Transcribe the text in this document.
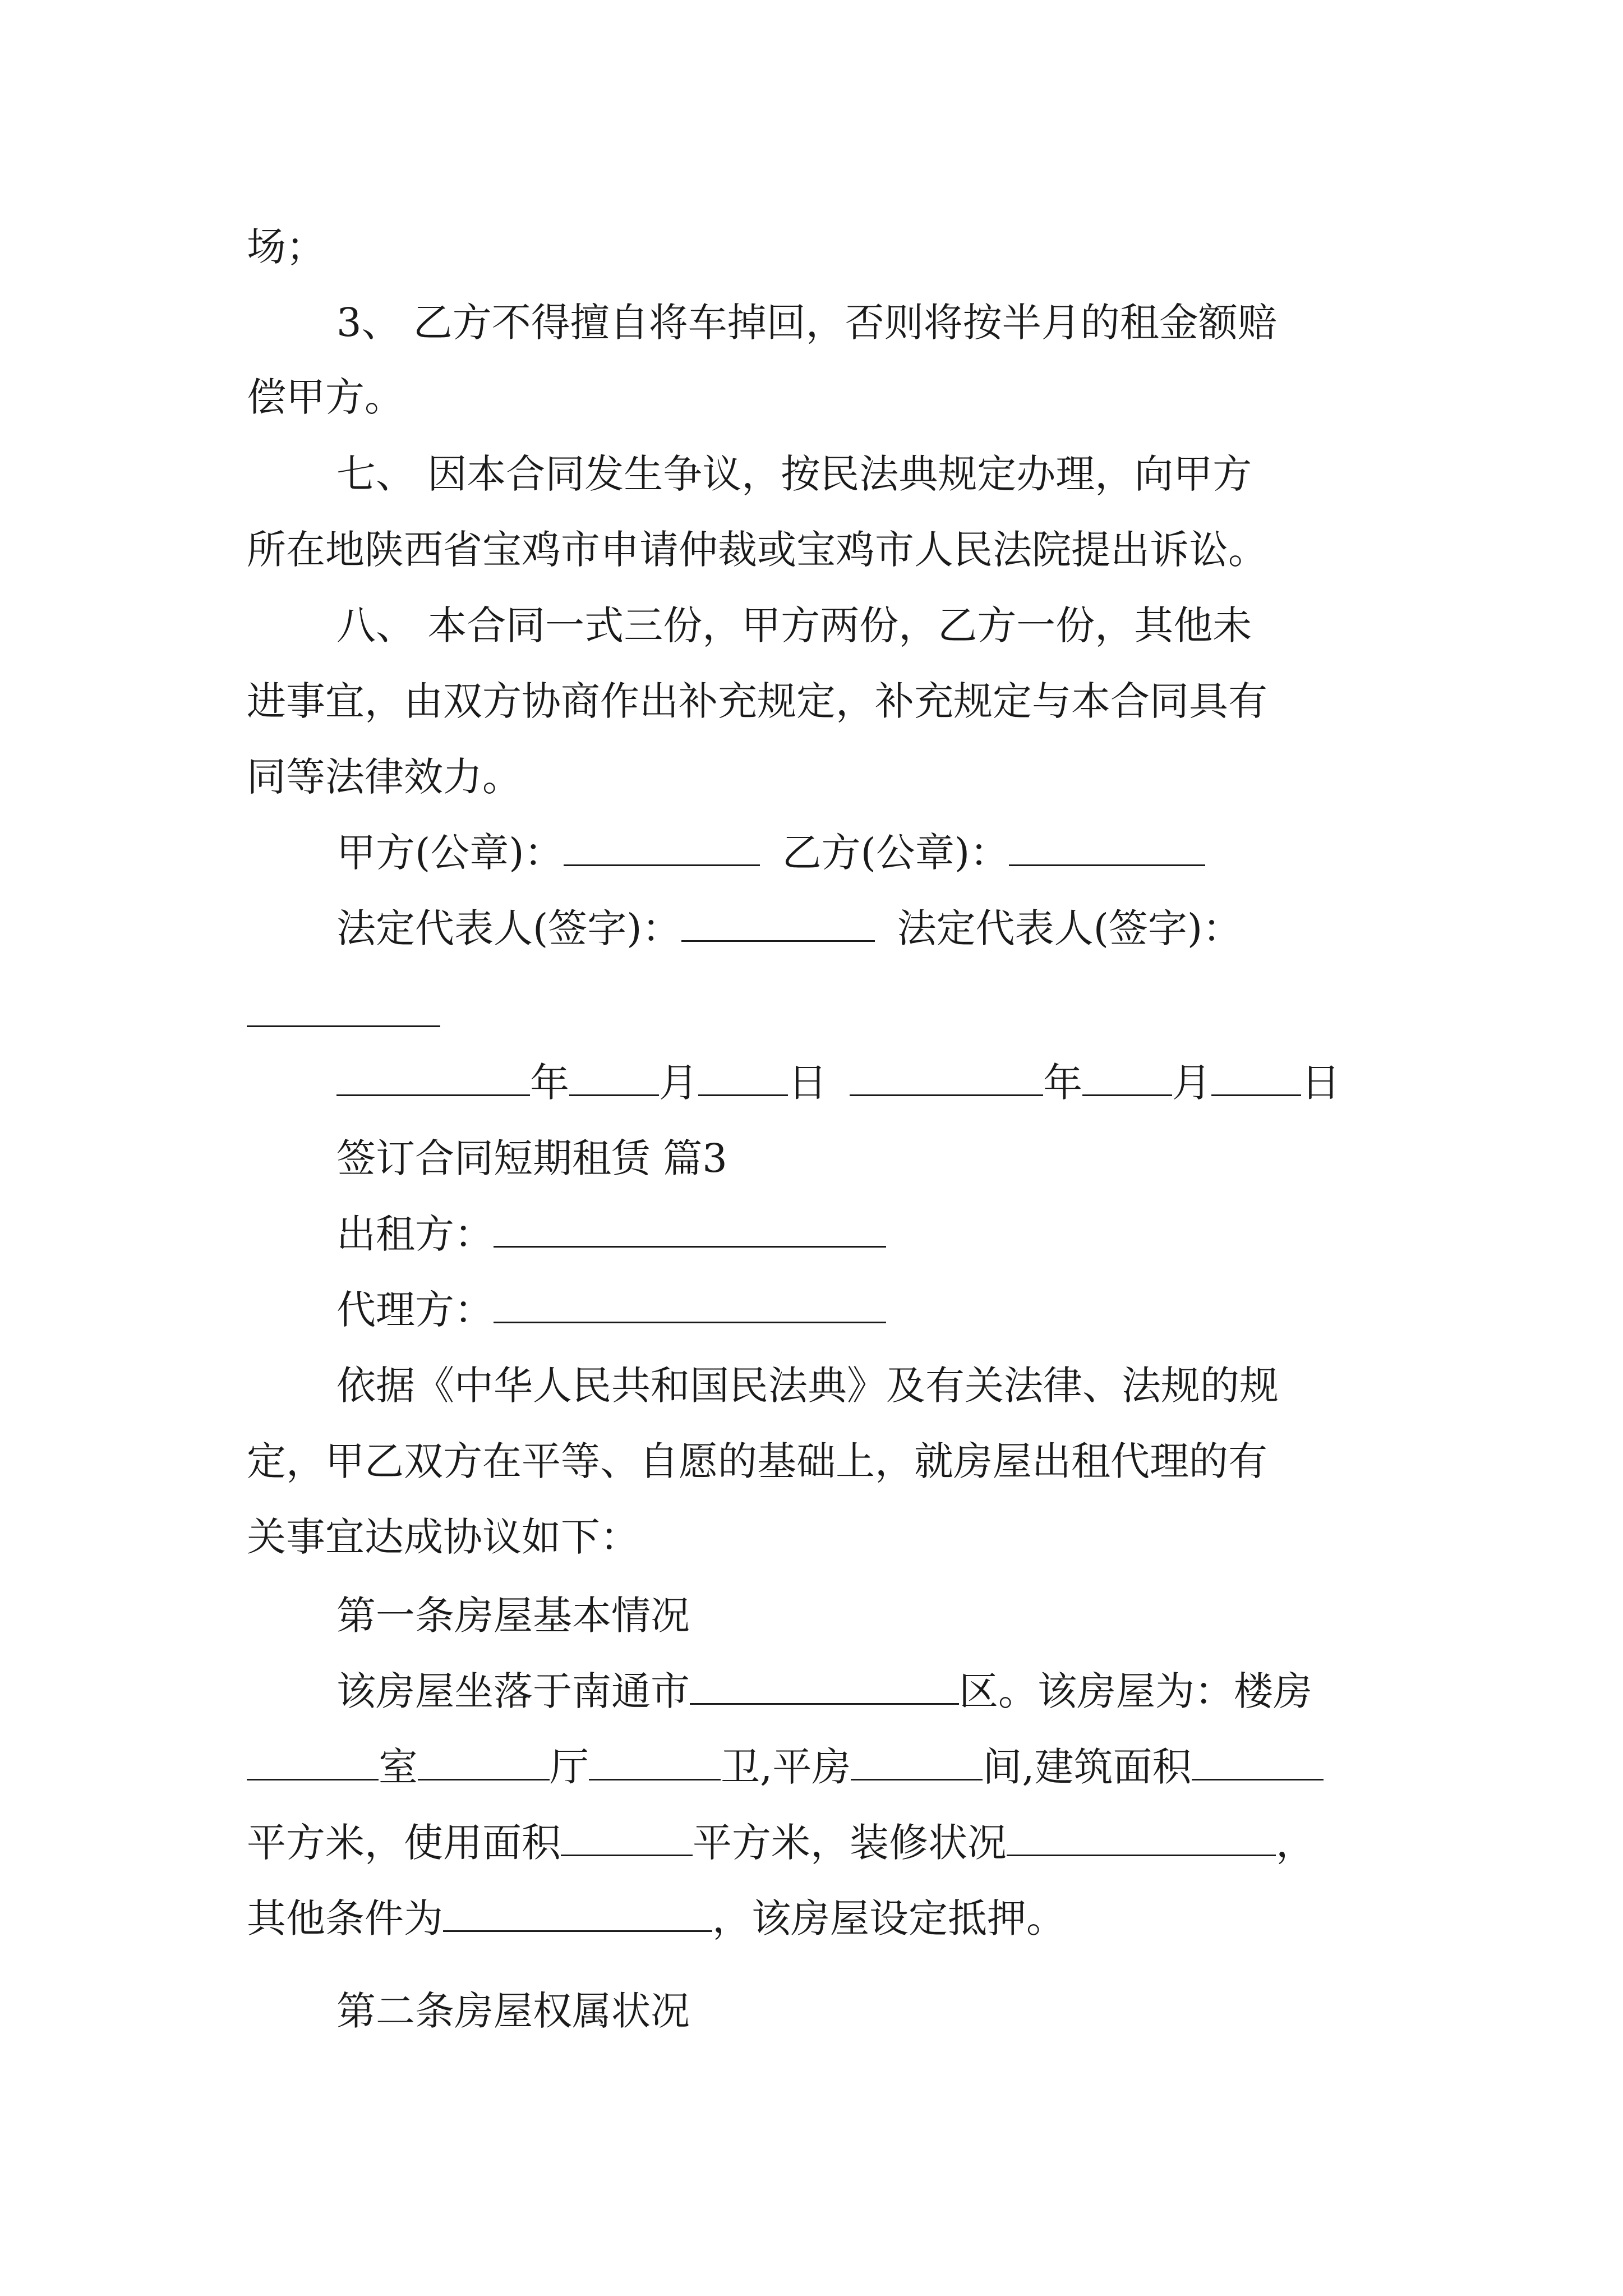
场；
3、 乙方不得擅自将车掉回，否则将按半月的租金额赔
偿甲方。
七、 因本合同发生争议，按民法典规定办理，向甲方
所在地陕西省宝鸡市申请仲裁或宝鸡市人民法院提出诉讼。
八、 本合同一式三份，甲方两份，乙方一份，其他未
进事宜，由双方协商作出补充规定，补充规定与本合同具有
同等法律效力。
甲方(公章)：	乙方(公章)：
法定代表人(签字)：	法定代表人(签字)：
年 月 日	年 月 日
签订合同短期租赁 篇3
出租方：
代理方：
依据《中华人民共和国民法典》及有关法律、法规的规
定，甲乙双方在平等、自愿的基础上，就房屋出租代理的有
关事宜达成协议如下：
第一条房屋基本情况
该房屋坐落于南通市	区。该房屋为：楼房
室	厅	卫,平房	间,建筑面积
平方米，使用面积	平方米，装修状况	，
其他条件为	，该房屋设定抵押。
第二条房屋权属状况
